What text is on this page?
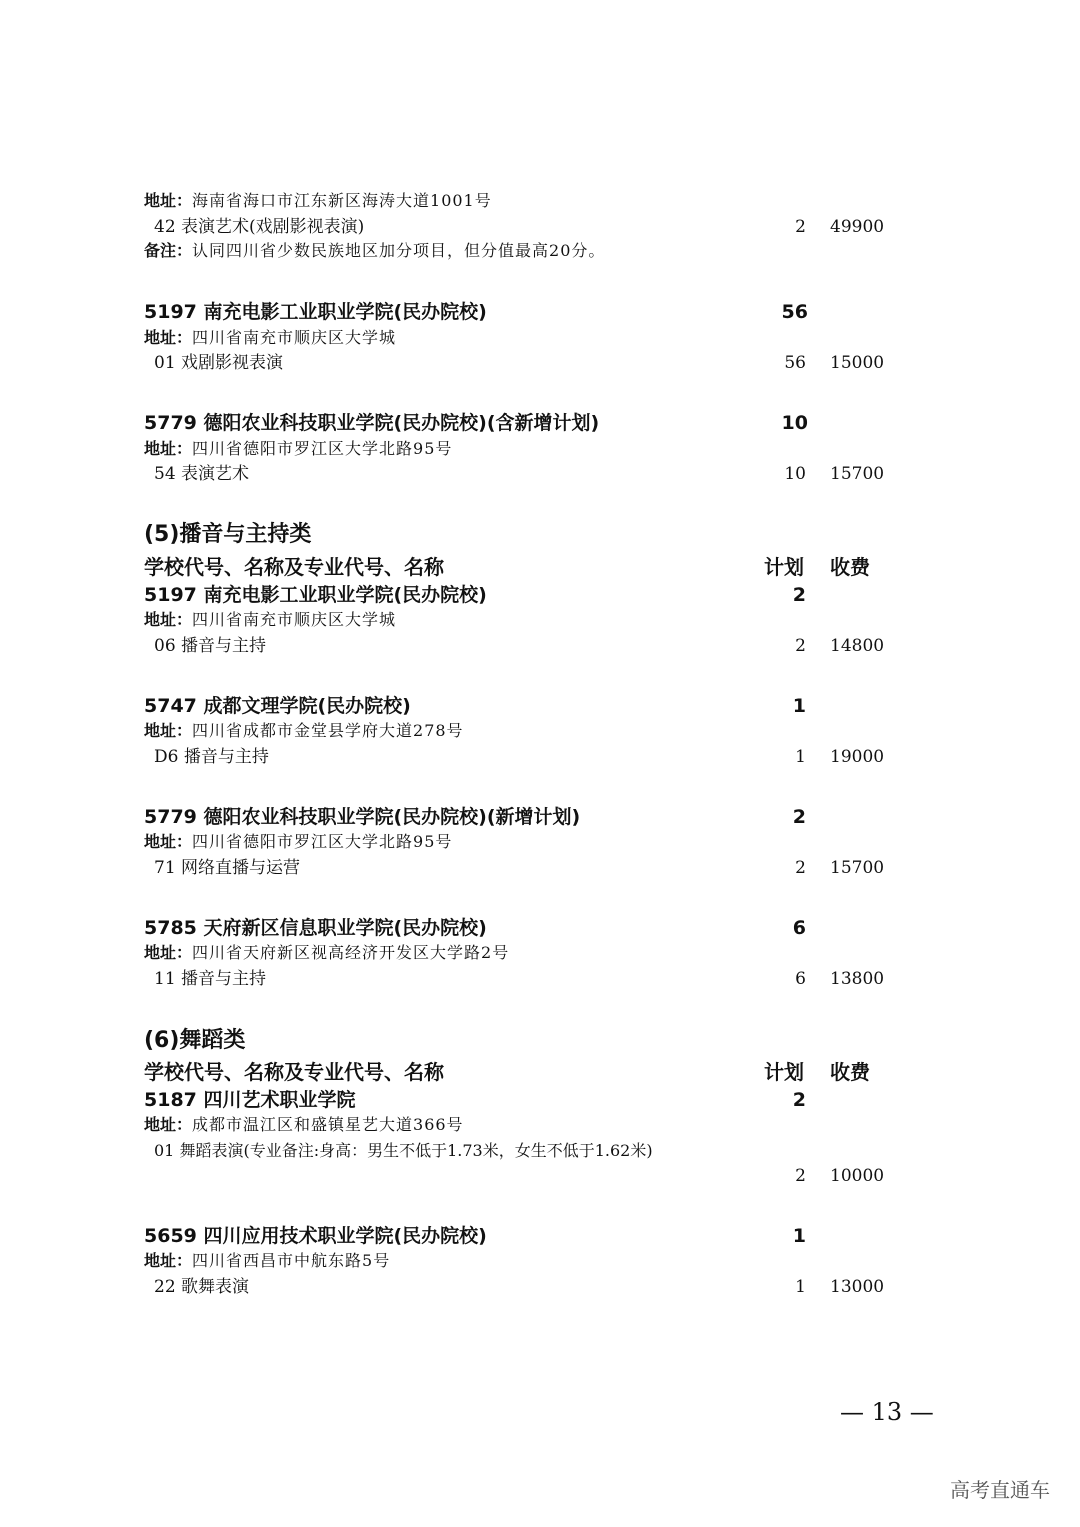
地址：海南省海口市江东新区海涛大道1001号
42 表演艺术(戏剧影视表演)	2 49900
备注：认同四川省少数民族地区加分项目，但分值最高20分。
5197 南充电影工业职业学院(民办院校)	56
地址：四川省南充市顺庆区大学城
01 戏剧影视表演	56 15000
5779 德阳农业科技职业学院(民办院校)(含新增计划)	10
地址：四川省德阳市罗江区大学北路95号
54 表演艺术	10 15700
(5)播音与主持类
学校代号、名称及专业代号、名称	计划 收费
5197 南充电影工业职业学院(民办院校)	2
地址：四川省南充市顺庆区大学城
06 播音与主持	2 14800
5747 成都文理学院(民办院校)	1
地址：四川省成都市金堂县学府大道278号
D6 播音与主持	1 19000
5779 德阳农业科技职业学院(民办院校)(新增计划)	2
地址：四川省德阳市罗江区大学北路95号
71 网络直播与运营	2 15700
5785 天府新区信息职业学院(民办院校)	6
地址：四川省天府新区视高经济开发区大学路2号
11 播音与主持	6 13800
(6)舞蹈类
学校代号、名称及专业代号、名称	计划 收费
5187 四川艺术职业学院	2
地址：成都市温江区和盛镇星艺大道366号
01 舞蹈表演(专业备注:身高：男生不低于1.73米，女生不低于1.62米)
2 10000
5659 四川应用技术职业学院(民办院校)	1
地址：四川省西昌市中航东路5号
22 歌舞表演	1 13000
— 13 —
高考直通车
